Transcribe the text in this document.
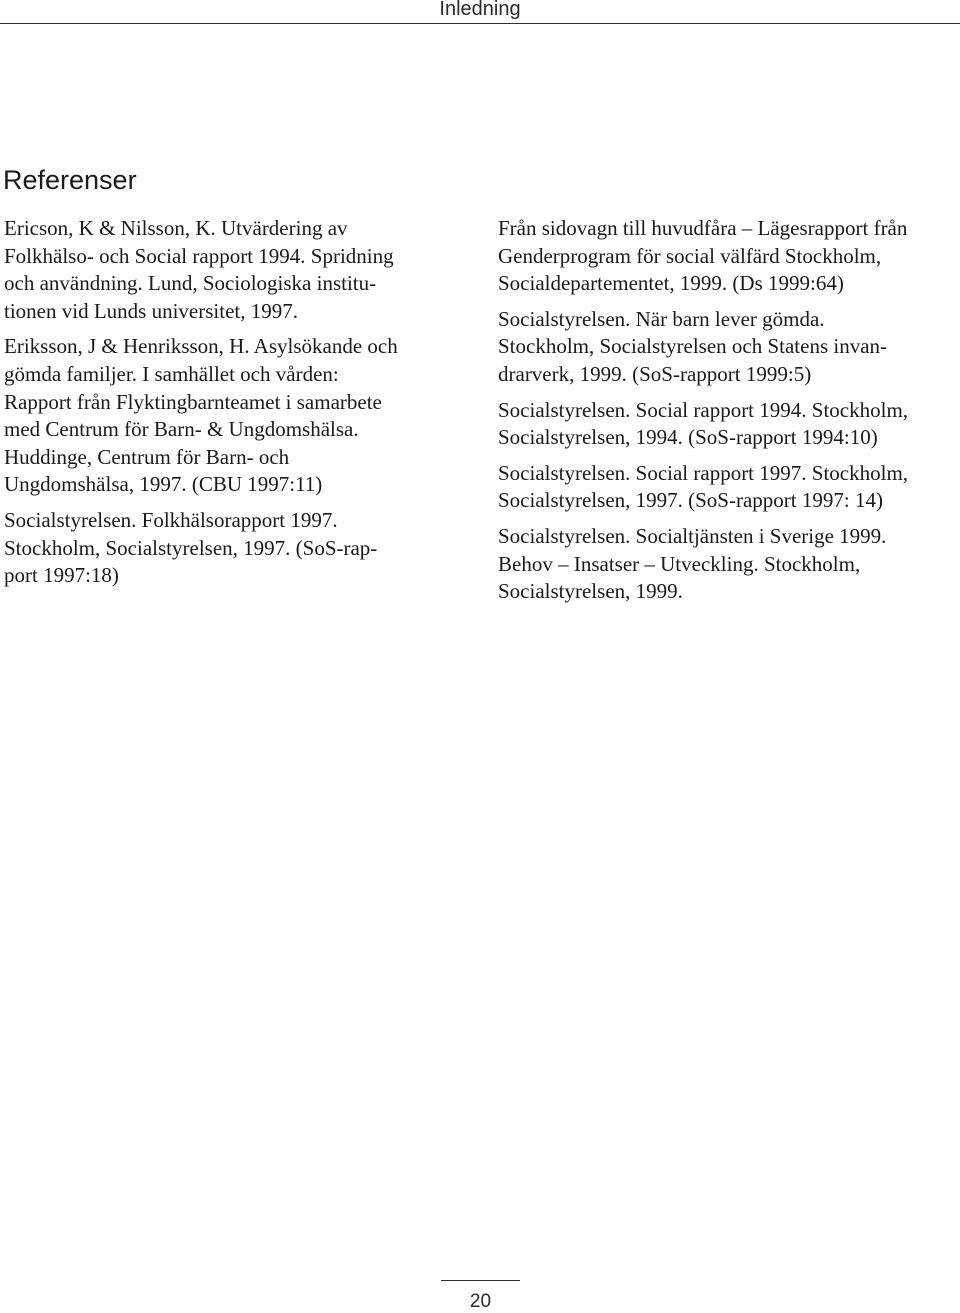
Inledning
Referenser
Ericson, K & Nilsson, K. Utvärdering av
Folkhälso- och Social rapport 1994. Spridning
och användning. Lund, Sociologiska institu-
tionen vid Lunds universitet, 1997.
Eriksson, J & Henriksson, H. Asylsökande och
gömda familjer. I samhället och vården:
Rapport från Flyktingbarnteamet i samarbete
med Centrum för Barn- & Ungdomshälsa.
Huddinge, Centrum för Barn- och
Ungdomshälsa, 1997. (CBU 1997:11)
Socialstyrelsen. Folkhälsorapport 1997.
Stockholm, Socialstyrelsen, 1997. (SoS-rap-
port 1997:18)
Från sidovagn till huvudfåra – Lägesrapport från
Genderprogram för social välfärd Stockholm,
Socialdepartementet, 1999. (Ds 1999:64)
Socialstyrelsen. När barn lever gömda.
Stockholm, Socialstyrelsen och Statens invan-
drarverk, 1999. (SoS-rapport 1999:5)
Socialstyrelsen. Social rapport 1994. Stockholm,
Socialstyrelsen, 1994. (SoS-rapport 1994:10)
Socialstyrelsen. Social rapport 1997. Stockholm,
Socialstyrelsen, 1997. (SoS-rapport 1997: 14)
Socialstyrelsen. Socialtjänsten i Sverige 1999.
Behov – Insatser – Utveckling. Stockholm,
Socialstyrelsen, 1999.
20
